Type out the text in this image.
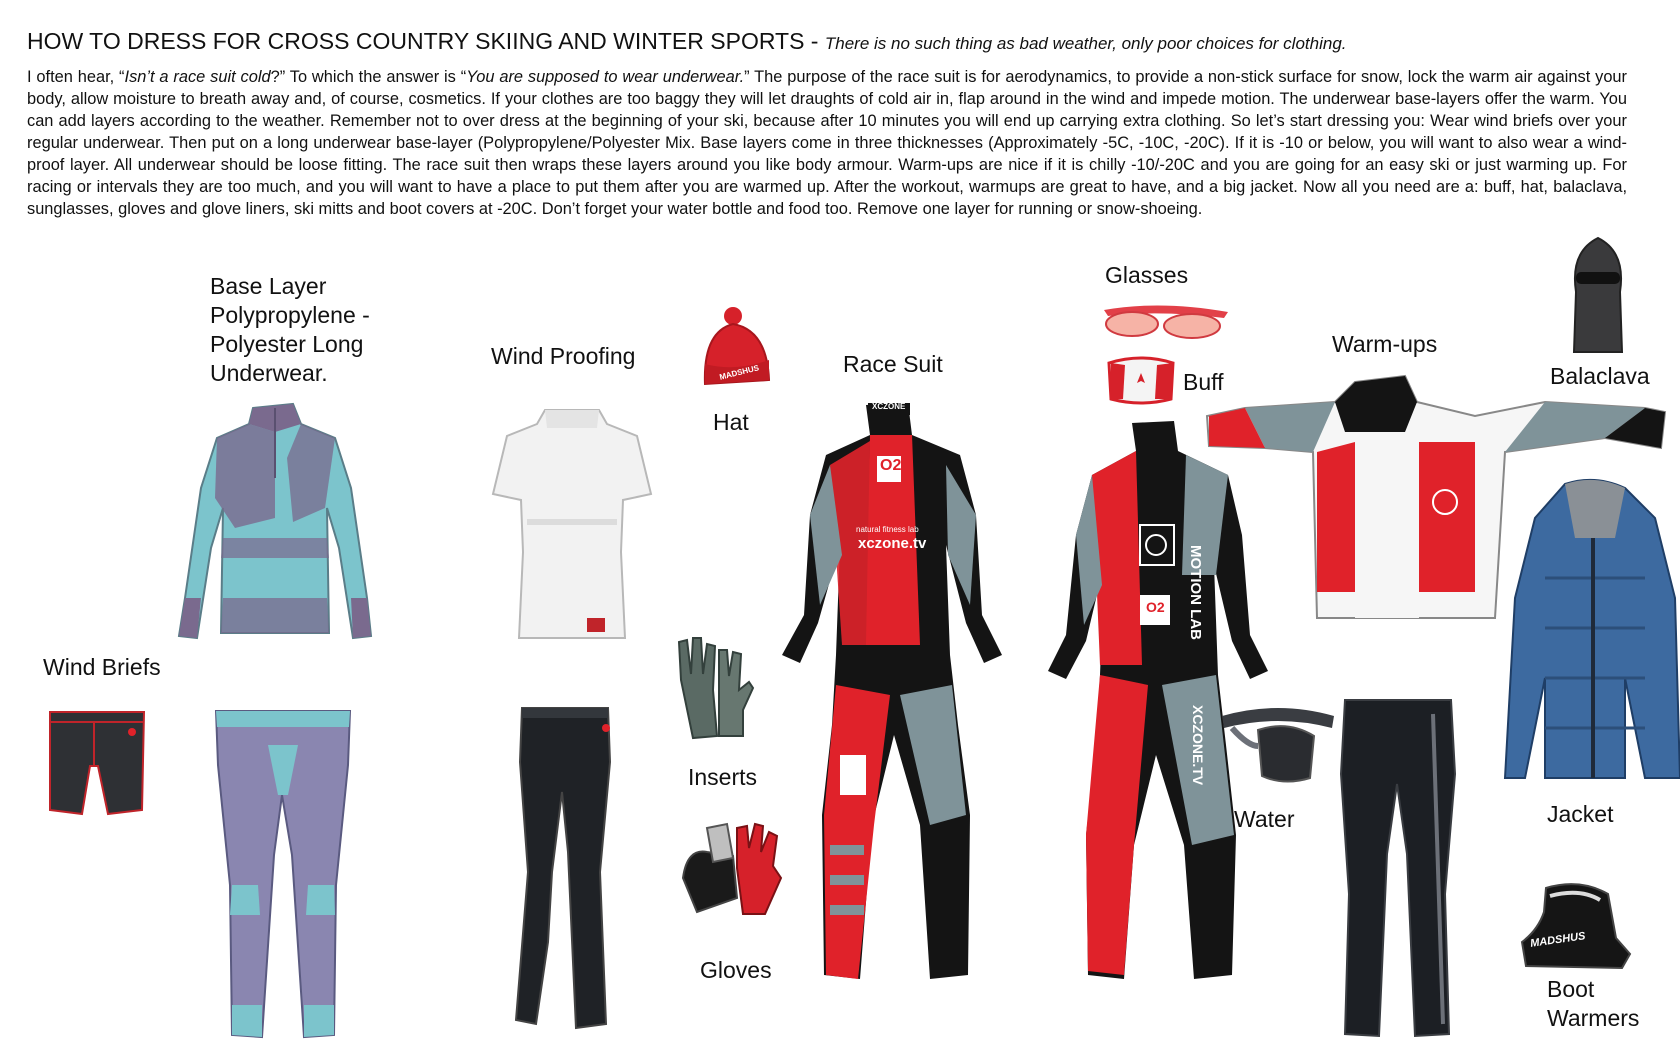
HOW TO DRESS FOR CROSS COUNTRY SKIING AND WINTER SPORTS - There is no such thing as bad weather, only poor choices for clothing.
I often hear, “Isn’t a race suit cold?” To which the answer is “You are supposed to wear underwear.” The purpose of the race suit is for aerodynamics, to provide a non-stick surface for snow, lock the warm air against your body, allow moisture to breath away and, of course, cosmetics. If your clothes are too baggy they will let draughts of cold air in, flap around in the wind and impede motion. The underwear base-layers offer the warm. You can add layers according to the weather. Remember not to over dress at the beginning of your ski, because after 10 minutes you will end up carrying extra clothing. So let’s start dressing you: Wear wind briefs over your regular underwear. Then put on a long underwear base-layer (Polypropylene/Polyester Mix. Base layers come in three thicknesses (Approximately -5C, -10C, -20C). If it is -10 or below, you will want to also wear a wind-proof layer. All underwear should be loose fitting. The race suit then wraps these layers around you like body armour. Warm-ups are nice if it is chilly -10/-20C and you are going for an easy ski or just warming up. For racing or intervals they are too much, and you will want to have a place to put them after you are warmed up. After the workout, warmups are great to have, and a big jacket. Now all you need are a: buff, hat, balaclava, sunglasses, gloves and glove liners, ski mitts and boot covers at -20C. Don’t forget your water bottle and food too. Remove one layer for running or snow-shoeing.
Base Layer
Polypropylene -
Polyester Long
Underwear.
Wind Proofing
Hat
Race Suit
Glasses
Buff
Warm-ups
Balaclava
Wind Briefs
Inserts
Gloves
Water	Jacket
Boot
Warmers
MADSHUS
XCZONE
O2
natural fitness lab
xczone.tv
O2 MOTION LAB
XCZONE.TV
MADSHUS
